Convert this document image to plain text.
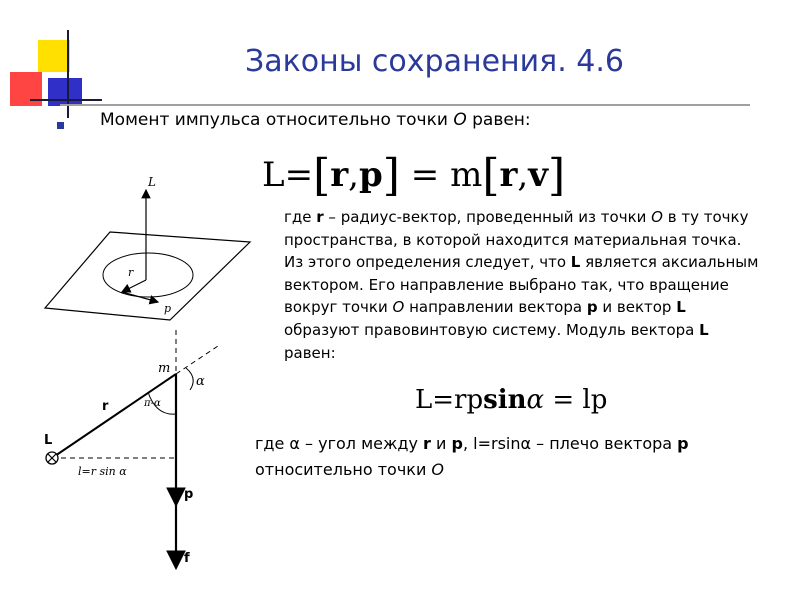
Законы сохранения. 4.6
Момент импульса относительно точки O равен:
L=[r,p] = m[r,v]
где r – радиус-вектор, проведенный из точки O в ту точку пространства, в которой находится материальная точка. Из этого определения следует, что L является аксиальным вектором. Его направление выбрано так, что вращение вокруг точки O направлении вектора p и вектор L образуют правовинтовую систему. Модуль вектора L равен:
L=rpsinα = lp
где α – угол между r и p, l=rsinα – плечо вектора p относительно точки O
L
r
p
L
r
m
α
π-α
l=r sin α
p
f
